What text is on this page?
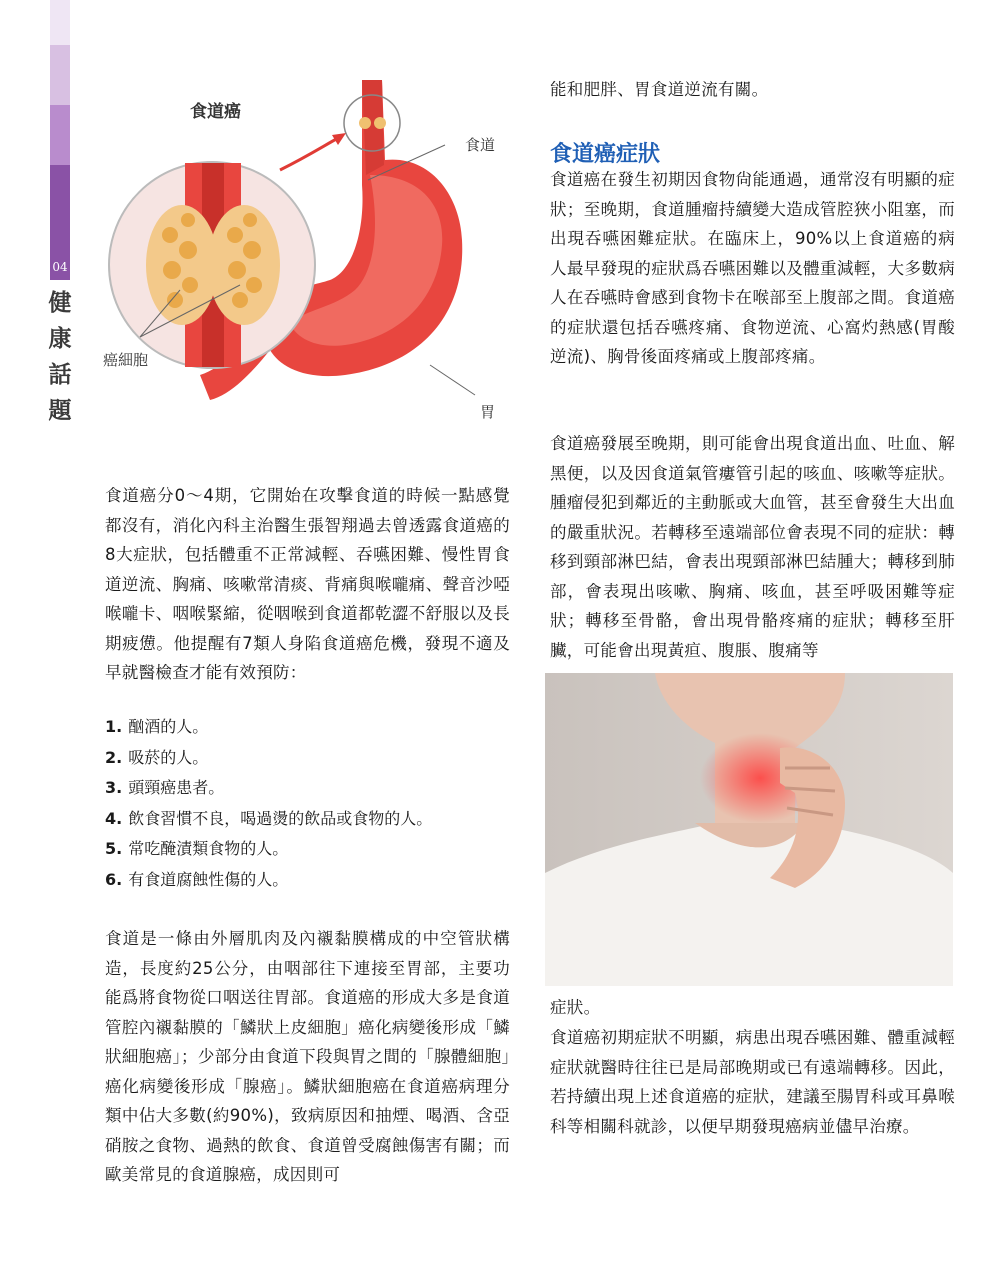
04
健康話題
食道癌
食道
癌細胞
胃

食道癌分0～4期，它開始在攻擊食道的時候一點感覺都沒有，消化內科主治醫生張智翔過去曾透露食道癌的8大症狀，包括體重不正常減輕、吞嚥困難、慢性胃食道逆流、胸痛、咳嗽常清痰、背痛與喉嚨痛、聲音沙啞喉嚨卡、咽喉緊縮，從咽喉到食道都乾澀不舒服以及長期疲憊。他提醒有7類人身陷食道癌危機，發現不適及早就醫檢查才能有效預防：

1. 酗酒的人。
2. 吸菸的人。
3. 頭頸癌患者。
4. 飲食習慣不良，喝過燙的飲品或食物的人。
5. 常吃醃漬類食物的人。
6. 有食道腐蝕性傷的人。

食道是一條由外層肌肉及內襯黏膜構成的中空管狀構造，長度約25公分，由咽部往下連接至胃部，主要功能爲將食物從口咽送往胃部。食道癌的形成大多是食道管腔內襯黏膜的「鱗狀上皮細胞」癌化病變後形成「鱗狀細胞癌」；少部分由食道下段與胃之間的「腺體細胞」癌化病變後形成「腺癌」。鱗狀細胞癌在食道癌病理分類中佔大多數(約90%)，致病原因和抽煙、喝酒、含亞硝胺之食物、過熱的飲食、食道曾受腐蝕傷害有關；而歐美常見的食道腺癌，成因則可

能和肥胖、胃食道逆流有關。

食道癌症狀

食道癌在發生初期因食物尙能通過，通常沒有明顯的症狀；至晚期，食道腫瘤持續變大造成管腔狹小阻塞，而出現吞嚥困難症狀。在臨床上，90%以上食道癌的病人最早發現的症狀爲吞嚥困難以及體重減輕，大多數病人在吞嚥時會感到食物卡在喉部至上腹部之間。食道癌的症狀還包括吞嚥疼痛、食物逆流、心窩灼熱感(胃酸逆流)、胸骨後面疼痛或上腹部疼痛。

食道癌發展至晚期，則可能會出現食道出血、吐血、解黑便，以及因食道氣管瘻管引起的咳血、咳嗽等症狀。腫瘤侵犯到鄰近的主動脈或大血管，甚至會發生大出血的嚴重狀況。若轉移至遠端部位會表現不同的症狀：轉移到頸部淋巴結，會表出現頸部淋巴結腫大；轉移到肺部，會表現出咳嗽、胸痛、咳血，甚至呼吸困難等症狀；轉移至骨骼，會出現骨骼疼痛的症狀；轉移至肝臟，可能會出現黃疸、腹脹、腹痛等

症狀。

食道癌初期症狀不明顯，病患出現吞嚥困難、體重減輕症狀就醫時往往已是局部晚期或已有遠端轉移。因此，若持續出現上述食道癌的症狀，建議至腸胃科或耳鼻喉科等相關科就診，以便早期發現癌病並儘早治療。
